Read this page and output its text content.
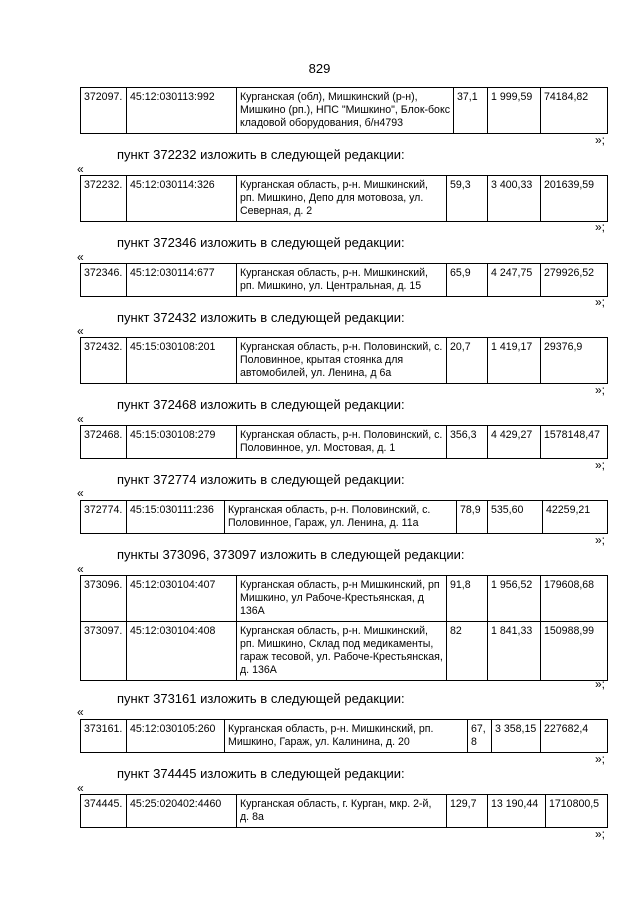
829
372097.	45:12:030113:992	Курганская (обл), Мишкинский (р-н), Мишкино (рп.), НПС "Мишкино", Блок-бокс кладовой оборудования, б/н4793	37,1	1 999,59	74184,82
»;
пункт 372232 изложить в следующей редакции:
«
372232.	45:12:030114:326	Курганская область, р-н. Мишкинский, рп. Мишкино, Депо для мотовоза, ул. Северная, д. 2	59,3	3 400,33	201639,59
»;
пункт 372346 изложить в следующей редакции:
«
372346.	45:12:030114:677	Курганская область, р-н. Мишкинский, рп. Мишкино, ул. Центральная, д. 15	65,9	4 247,75	279926,52
»;
пункт 372432 изложить в следующей редакции:
«
372432.	45:15:030108:201	Курганская область, р-н. Половинский, с. Половинное, крытая стоянка для автомобилей, ул. Ленина, д 6а	20,7	1 419,17	29376,9
»;
пункт 372468 изложить в следующей редакции:
«
372468.	45:15:030108:279	Курганская область, р-н. Половинский, с. Половинное, ул. Мостовая, д. 1	356,3	4 429,27	1578148,47
»;
пункт 372774 изложить в следующей редакции:
«
372774.	45:15:030111:236	Курганская область, р-н. Половинский, с. Половинное, Гараж, ул. Ленина, д. 11а	78,9	535,60	42259,21
»;
пункты 373096, 373097 изложить в следующей редакции:
«
373096.	45:12:030104:407	Курганская область, р-н Мишкинский, рп Мишкино, ул Рабоче-Крестьянская, д 136А	91,8	1 956,52	179608,68
373097.	45:12:030104:408	Курганская область, р-н. Мишкинский, рп. Мишкино, Склад под медикаменты, гараж тесовой, ул. Рабоче-Крестьянская, д. 136А	82	1 841,33	150988,99
»;
пункт 373161 изложить в следующей редакции:
«
373161.	45:12:030105:260	Курганская область, р-н. Мишкинский, рп. Мишкино, Гараж, ул. Калинина, д. 20	67,8	3 358,15	227682,4
»;
пункт 374445 изложить в следующей редакции:
«
374445.	45:25:020402:4460	Курганская область, г. Курган, мкр. 2-й, д. 8а	129,7	13 190,44	1710800,5
»;
